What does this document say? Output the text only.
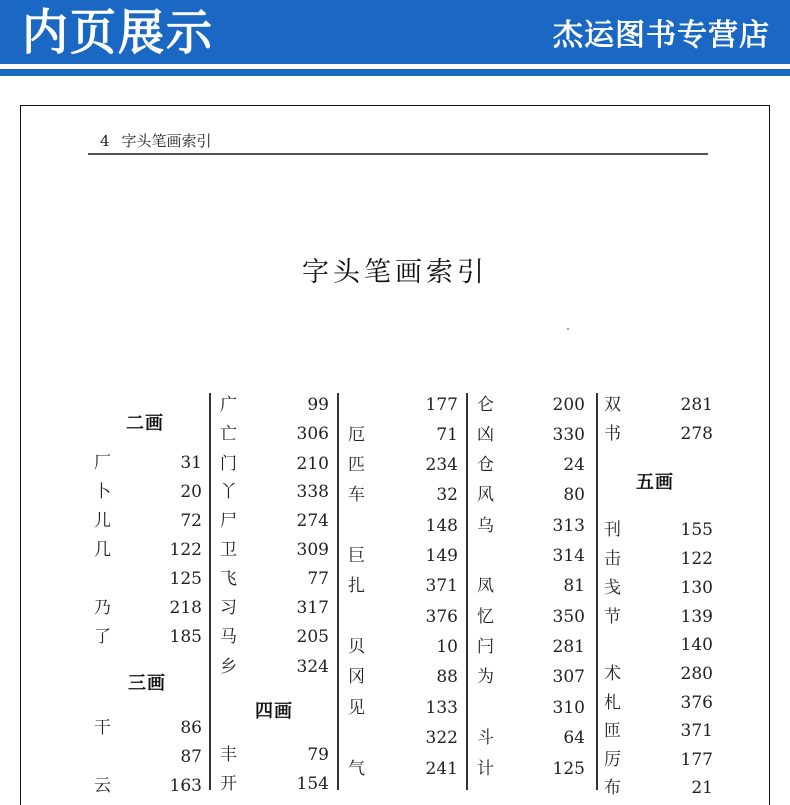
内页展示	杰运图书专营店
4 字头笔画索引
字头笔画索引
二画
厂	31
卜	20
儿	72
几	122
125
乃	218
了	185
三画
干	86
87
云	163
广	99
亡	306
门	210
丫	338
尸	274
卫	309
飞	77
习	317
马	205
乡	324
四画
丰	79
开	154
177
厄	71
匹	234
车	32
148
巨	149
扎	371
376
贝	10
冈	88
见	133
322
气	241
仑	200
凶	330
仓	24
风	80
乌	313
314
凤	81
忆	350
闩	281
为	307
310
斗	64
计	125
双	281
书	278
五画
刊	155
击	122
戋	130
节	139
140
术	280
札	376
匝	371
厉	177
布	21
